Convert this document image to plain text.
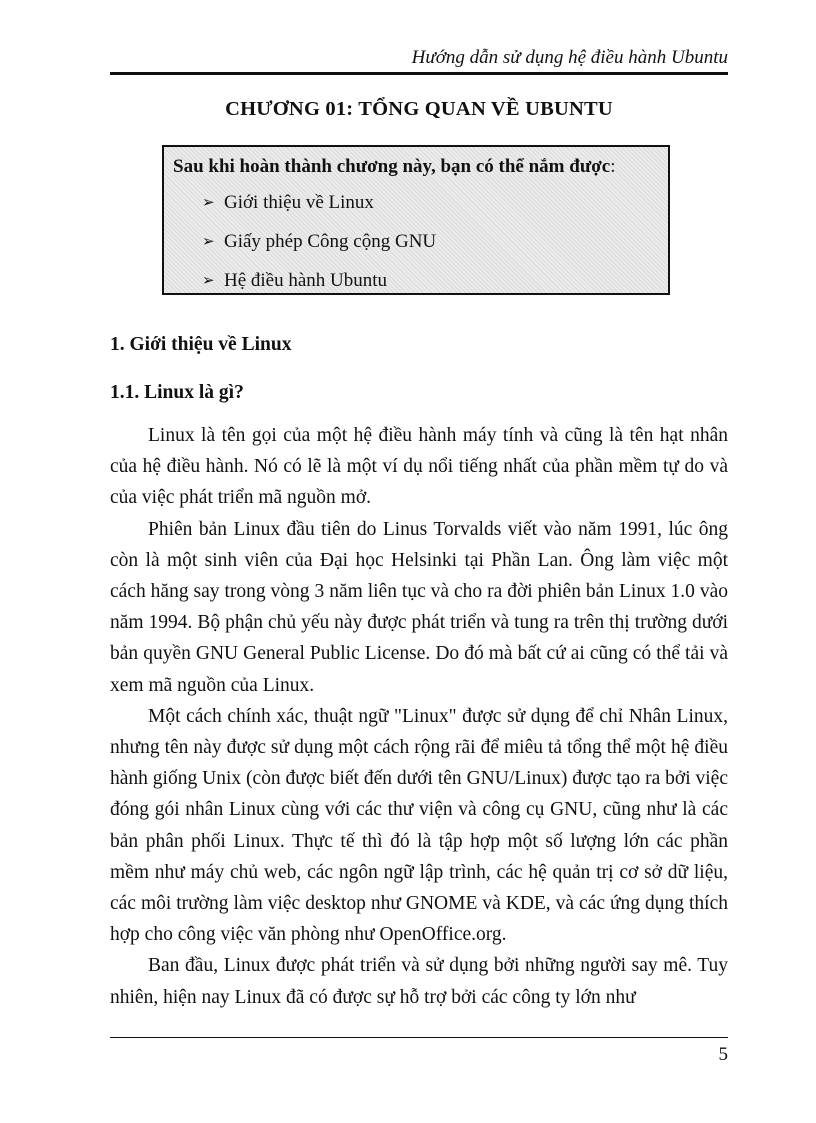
Hướng dẫn sử dụng hệ điều hành Ubuntu
CHƯƠNG 01: TỔNG QUAN VỀ UBUNTU
Sau khi hoàn thành chương này, bạn có thể nắm được:
➢ Giới thiệu về Linux
➢ Giấy phép Công cộng GNU
➢ Hệ điều hành Ubuntu
1. Giới thiệu về Linux
1.1. Linux là gì?

Linux là tên gọi của một hệ điều hành máy tính và cũng là tên hạt nhân của hệ điều hành. Nó có lẽ là một ví dụ nổi tiếng nhất của phần mềm tự do và của việc phát triển mã nguồn mở.

Phiên bản Linux đầu tiên do Linus Torvalds viết vào năm 1991, lúc ông còn là một sinh viên của Đại học Helsinki tại Phần Lan. Ông làm việc một cách hăng say trong vòng 3 năm liên tục và cho ra đời phiên bản Linux 1.0 vào năm 1994. Bộ phận chủ yếu này được phát triển và tung ra trên thị trường dưới bản quyền GNU General Public License. Do đó mà bất cứ ai cũng có thể tải và xem mã nguồn của Linux.

Một cách chính xác, thuật ngữ "Linux" được sử dụng để chỉ Nhân Linux, nhưng tên này được sử dụng một cách rộng rãi để miêu tả tổng thể một hệ điều hành giống Unix (còn được biết đến dưới tên GNU/Linux) được tạo ra bởi việc đóng gói nhân Linux cùng với các thư viện và công cụ GNU, cũng như là các bản phân phối Linux. Thực tế thì đó là tập hợp một số lượng lớn các phần mềm như máy chủ web, các ngôn ngữ lập trình, các hệ quản trị cơ sở dữ liệu, các môi trường làm việc desktop như GNOME và KDE, và các ứng dụng thích hợp cho công việc văn phòng như OpenOffice.org.

Ban đầu, Linux được phát triển và sử dụng bởi những người say mê. Tuy nhiên, hiện nay Linux đã có được sự hỗ trợ bởi các công ty lớn như

5
